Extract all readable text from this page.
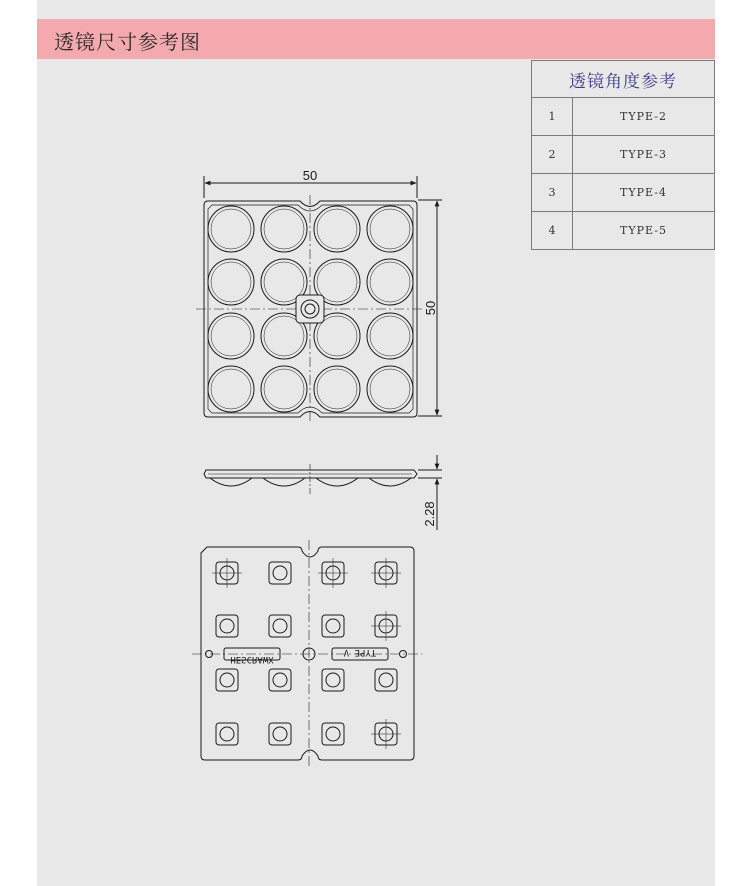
透镜尺寸参考图
透镜角度参考	
1	TYPE-2
2	TYPE-3
3	TYPE-4
4	TYPE-5
50
50
2.28
HESCRAWX
TYPE V
